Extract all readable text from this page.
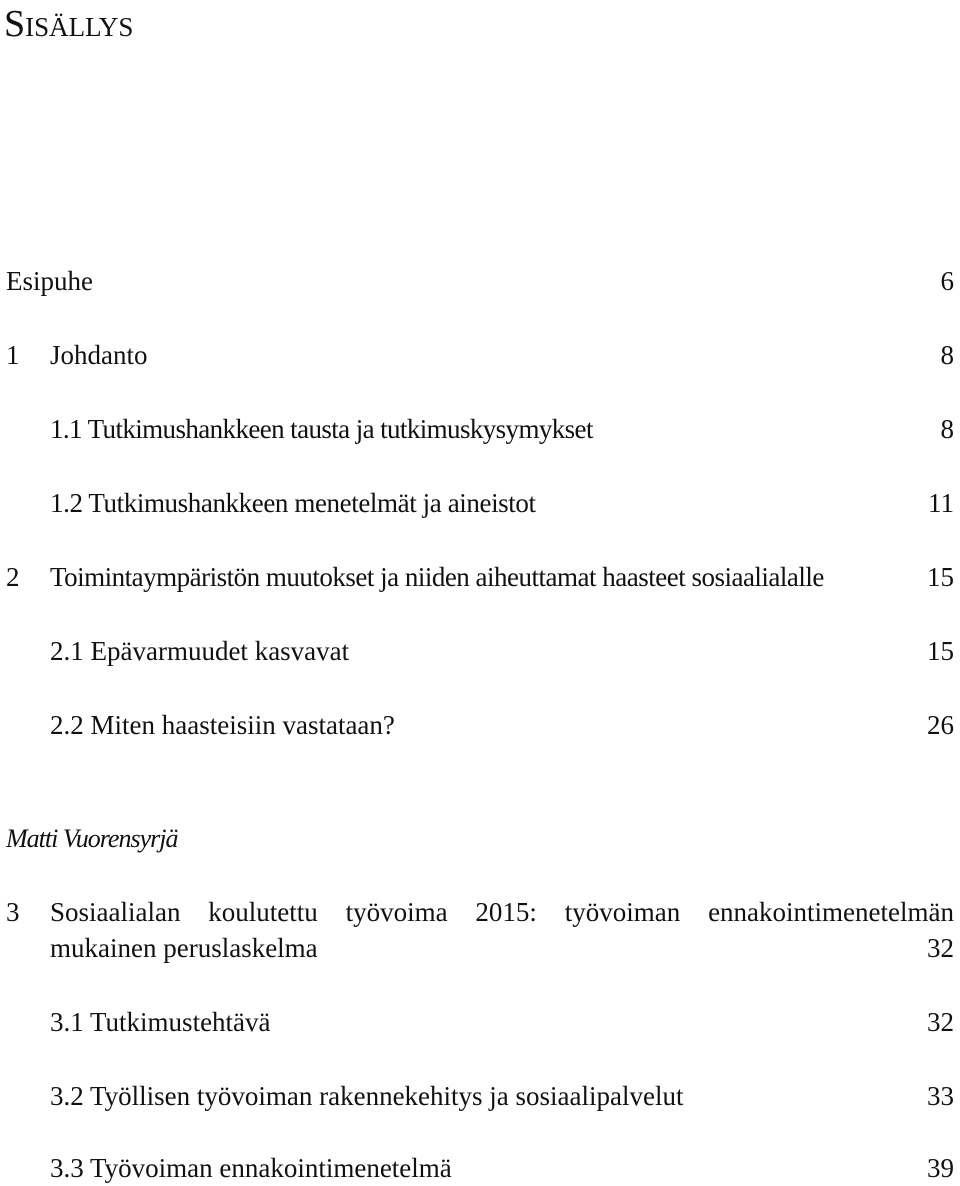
Sisällys
Esipuhe	6
1 Johdanto	8
1.1 Tutkimushankkeen tausta ja tutkimuskysymykset	8
1.2 Tutkimushankkeen menetelmät ja aineistot	11
2 Toimintaympäristön muutokset ja niiden aiheuttamat haasteet sosiaalialalle	15
2.1 Epävarmuudet kasvavat	15
2.2 Miten haasteisiin vastataan?	26
Matti Vuorensyrjä
3 Sosiaalialan koulutettu työvoima 2015: työvoiman ennakointimenetelmän
mukainen peruslaskelma	32
3.1 Tutkimustehtävä	32
3.2 Työllisen työvoiman rakennekehitys ja sosiaalipalvelut	33
3.3 Työvoiman ennakointimenetelmä	39
